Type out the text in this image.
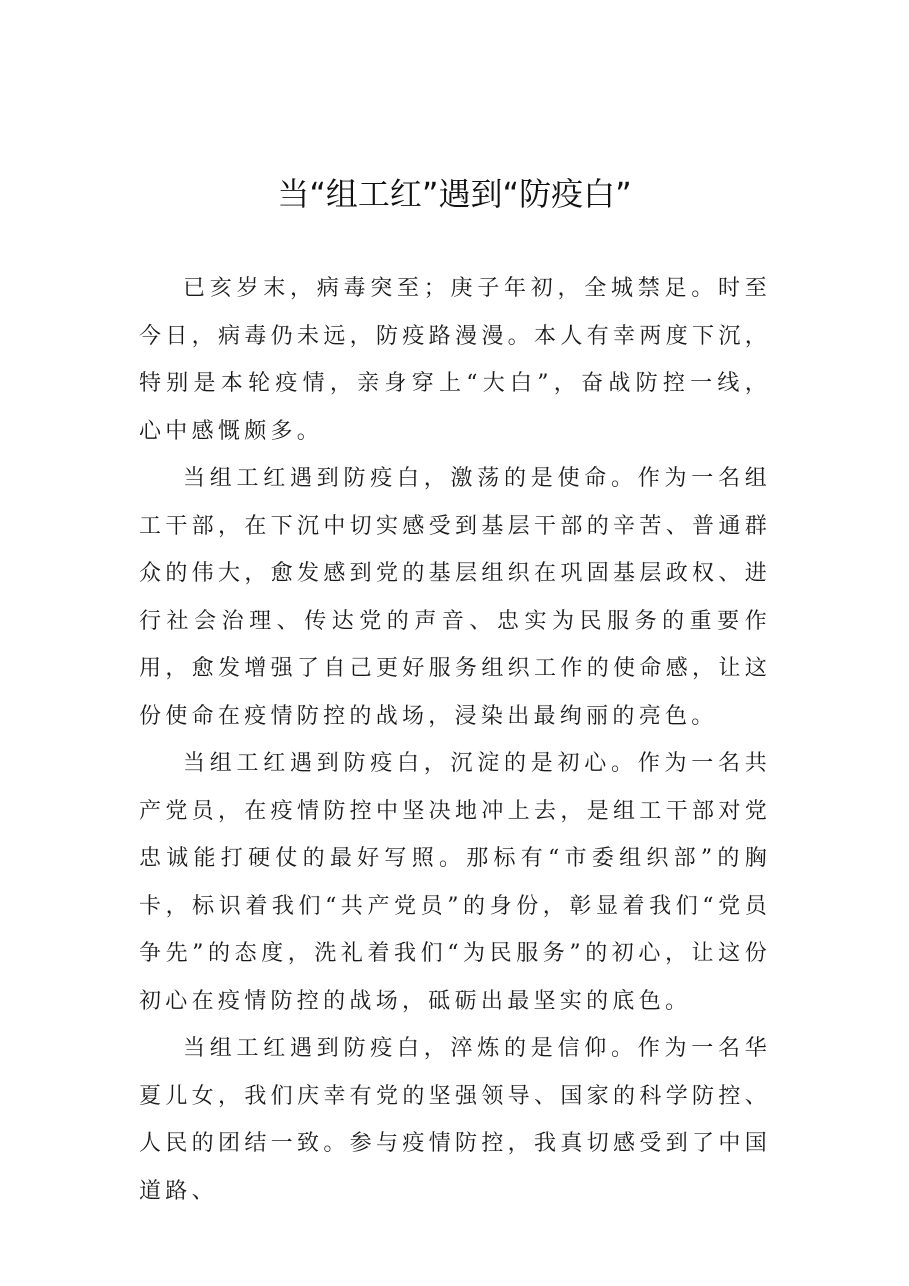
当“组工红”遇到“防疫白”

已亥岁末，病毒突至；庚子年初，全城禁足。时至今日，病毒仍未远，防疫路漫漫。本人有幸两度下沉，特别是本轮疫情，亲身穿上“大白”，奋战防控一线，心中感慨颇多。

当组工红遇到防疫白，激荡的是使命。作为一名组工干部，在下沉中切实感受到基层干部的辛苦、普通群众的伟大，愈发感到党的基层组织在巩固基层政权、进行社会治理、传达党的声音、忠实为民服务的重要作用，愈发增强了自己更好服务组织工作的使命感，让这份使命在疫情防控的战场，浸染出最绚丽的亮色。

当组工红遇到防疫白，沉淀的是初心。作为一名共产党员，在疫情防控中坚决地冲上去，是组工干部对党忠诚能打硬仗的最好写照。那标有“市委组织部”的胸卡，标识着我们“共产党员”的身份，彰显着我们“党员争先”的态度，洗礼着我们“为民服务”的初心，让这份初心在疫情防控的战场，砥砺出最坚实的底色。

当组工红遇到防疫白，淬炼的是信仰。作为一名华夏儿女，我们庆幸有党的坚强领导、国家的科学防控、人民的团结一致。参与疫情防控，我真切感受到了中国道路、
